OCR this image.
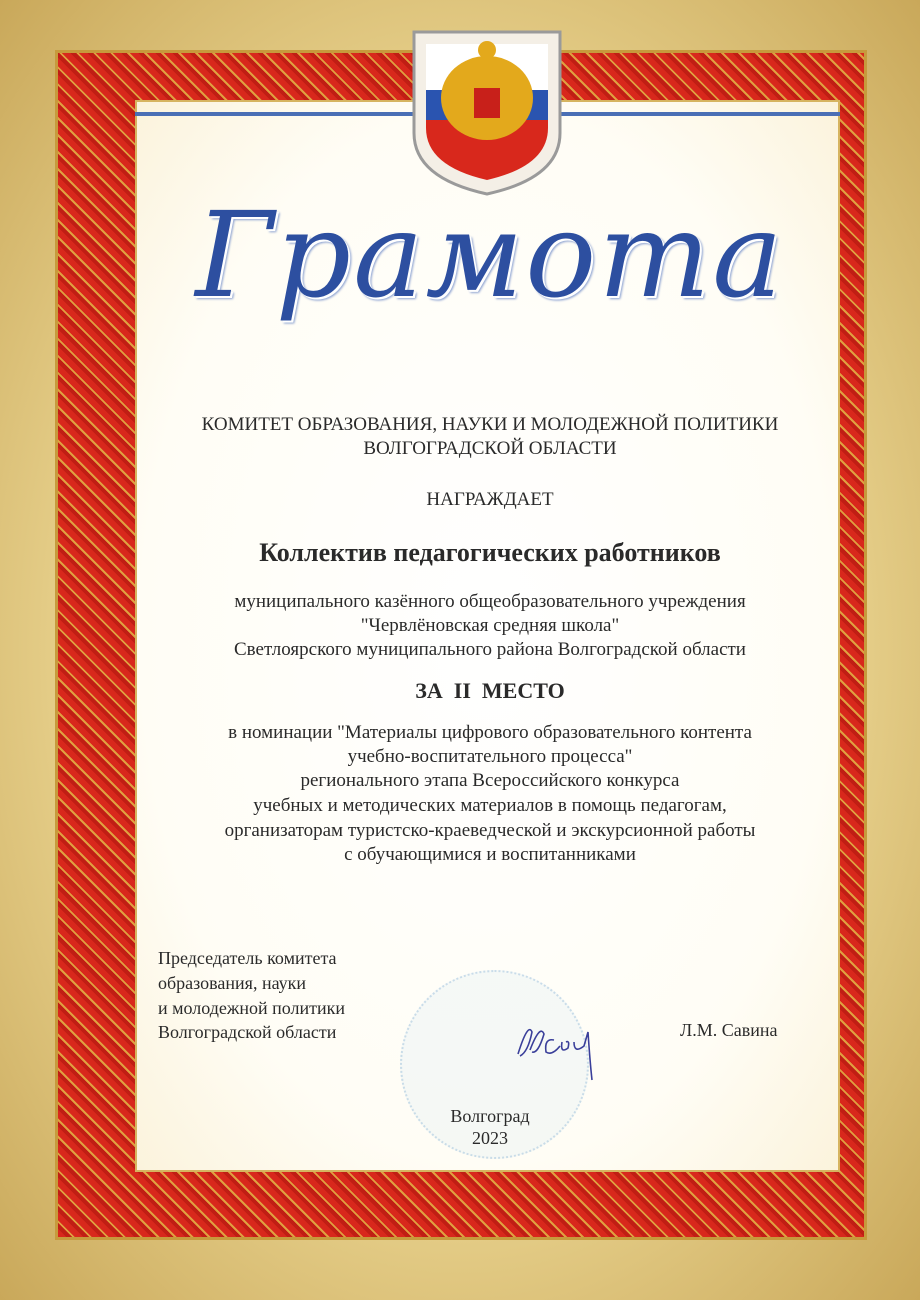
Грамота
КОМИТЕТ ОБРАЗОВАНИЯ, НАУКИ И МОЛОДЕЖНОЙ ПОЛИТИКИ
ВОЛГОГРАДСКОЙ ОБЛАСТИ
НАГРАЖДАЕТ
Коллектив педагогических работников
муниципального казённого общеобразовательного учреждения
"Червлёновская средняя школа"
Светлоярского муниципального района Волгоградской области
ЗА  II  МЕСТО
в номинации "Материалы цифрового образовательного контента
учебно-воспитательного процесса"
регионального этапа Всероссийского конкурса
учебных и методических материалов в помощь педагогам,
организаторам туристско-краеведческой и экскурсионной работы
с обучающимися и воспитанниками
Председатель комитета
образования, науки
и молодежной политики
Волгоградской области	Л.М. Савина
Волгоград
2023
